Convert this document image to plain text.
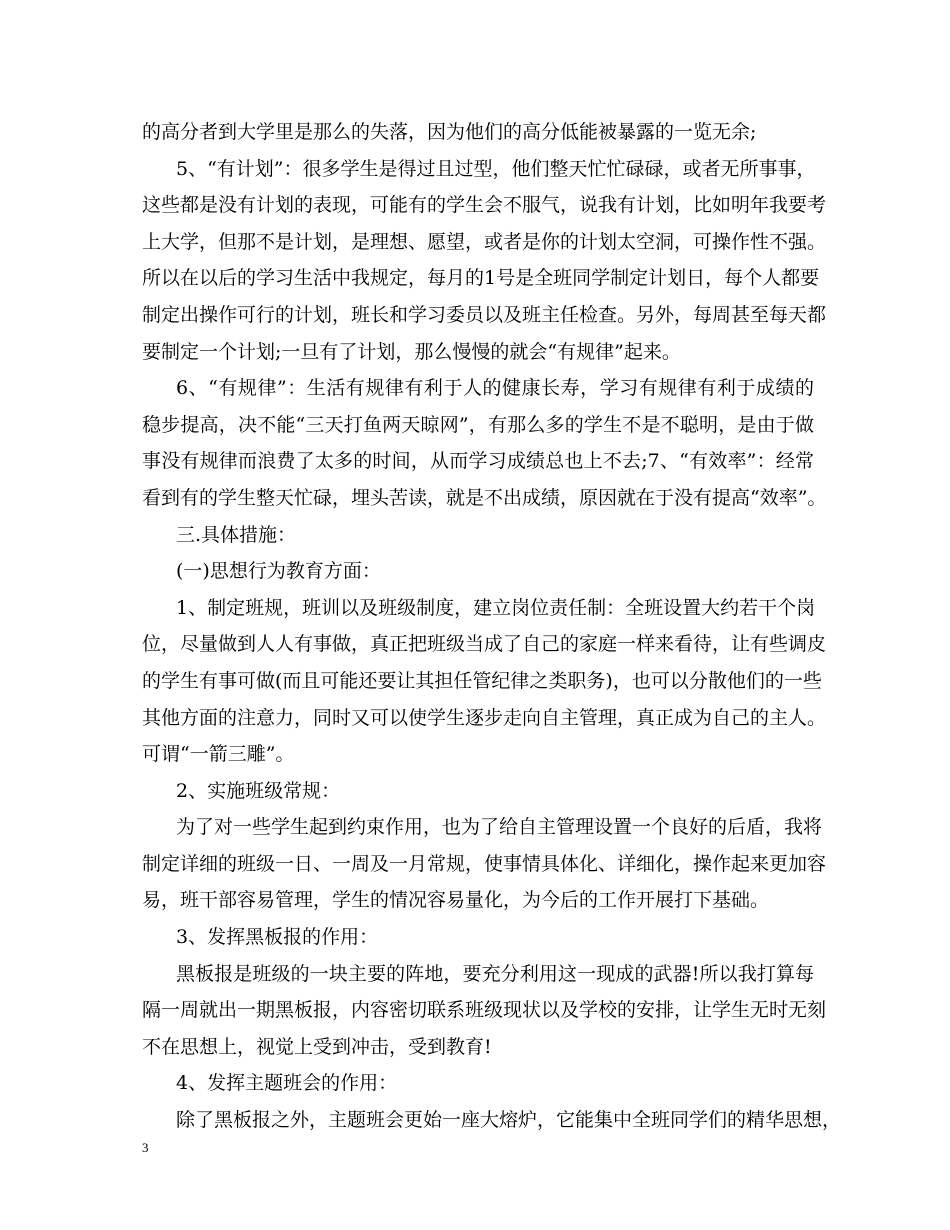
的高分者到大学里是那么的失落，因为他们的高分低能被暴露的一览无余;
5、“有计划”：很多学生是得过且过型，他们整天忙忙碌碌，或者无所事事，
这些都是没有计划的表现，可能有的学生会不服气，说我有计划，比如明年我要考
上大学，但那不是计划，是理想、愿望，或者是你的计划太空洞，可操作性不强。
所以在以后的学习生活中我规定，每月的1号是全班同学制定计划日，每个人都要
制定出操作可行的计划，班长和学习委员以及班主任检查。另外，每周甚至每天都
要制定一个计划;一旦有了计划，那么慢慢的就会“有规律”起来。
6、“有规律”：生活有规律有利于人的健康长寿，学习有规律有利于成绩的
稳步提高，决不能“三天打鱼两天晾网”，有那么多的学生不是不聪明，是由于做
事没有规律而浪费了太多的时间，从而学习成绩总也上不去;7、“有效率”：经常
看到有的学生整天忙碌，埋头苦读，就是不出成绩，原因就在于没有提高“效率”。
三.具体措施：
(一)思想行为教育方面：
1、制定班规，班训以及班级制度，建立岗位责任制：全班设置大约若干个岗
位，尽量做到人人有事做，真正把班级当成了自己的家庭一样来看待，让有些调皮
的学生有事可做(而且可能还要让其担任管纪律之类职务)，也可以分散他们的一些
其他方面的注意力，同时又可以使学生逐步走向自主管理，真正成为自己的主人。
可谓“一箭三雕”。
2、实施班级常规：
为了对一些学生起到约束作用，也为了给自主管理设置一个良好的后盾，我将
制定详细的班级一日、一周及一月常规，使事情具体化、详细化，操作起来更加容
易，班干部容易管理，学生的情况容易量化，为今后的工作开展打下基础。
3、发挥黑板报的作用：
黑板报是班级的一块主要的阵地，要充分利用这一现成的武器!所以我打算每
隔一周就出一期黑板报，内容密切联系班级现状以及学校的安排，让学生无时无刻
不在思想上，视觉上受到冲击，受到教育!
4、发挥主题班会的作用：
除了黑板报之外，主题班会更始一座大熔炉，它能集中全班同学们的精华思想，
3
